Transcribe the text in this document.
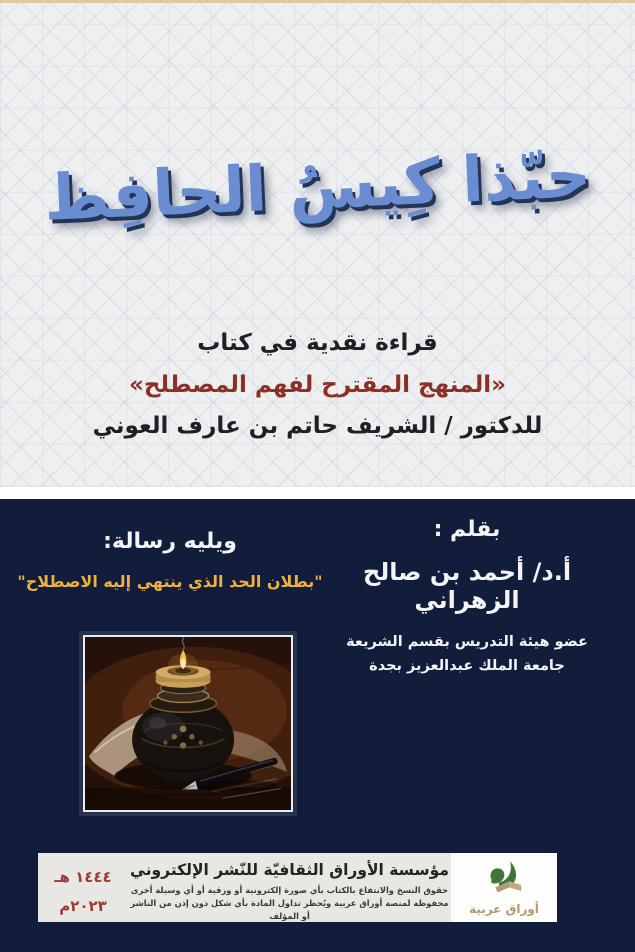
حبّذا كِيسُ الحافِظ

قراءة نقدية في كتاب

«المنهج المقترح لفهم المصطلح»

للدكتور / الشريف حاتم بن عارف العوني

بقلم :

أ.د/ أحمد بن صالح الزهراني

عضو هيئة التدريس بقسم الشريعة

جامعة الملك عبدالعزيز بجدة

ويليه رسالة:

"بطلان الحد الذي ينتهي إليه الاصطلاح"

أوراق عربية

مؤسسة الأوراق الثقافيّة للنّشر الإلكتروني

حقوق النسخ والانتفاع بالكتاب بأي صورة إلكترونية أو ورقية أو أي وسيلة أخرى
محفوظة لمنصة أوراق عربية ويُحظر تداول المادة بأي شكل دون إذن من الناشر أو المؤلف

١٤٤٤ هـ
٢٠٢٣م
